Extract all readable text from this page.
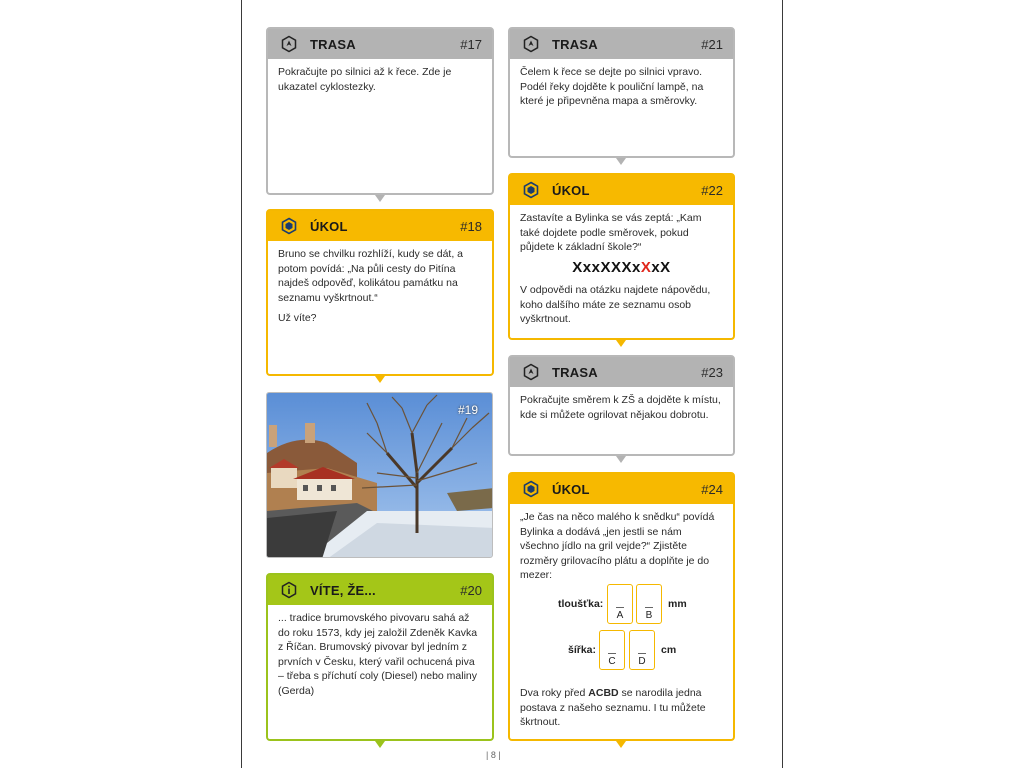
TRASA	#17

Pokračujte po silnici až k řece. Zde je ukazatel cyklostezky.

ÚKOL	#18

Bruno se chvilku rozhlíží, kudy se dát, a potom povídá: „Na půli cesty do Pitína najdeš odpověď, kolikátou památku na seznamu vyškrtnout.“

Už víte?

#19
VÍTE, ŽE...	#20

... tradice brumovského pivovaru sahá až do roku 1573, kdy jej založil Zdeněk Kavka z Říčan. Brumovský pivovar byl jedním z prvních v Česku, který vařil ochucená piva – třeba s příchutí coly (Diesel) nebo maliny (Gerda)

TRASA	#21

Čelem k řece se dejte po silnici vpravo. Podél řeky dojděte k pouliční lampě, na které je připevněna mapa a směrovky.

ÚKOL	#22

Zastavíte a Bylinka se vás zeptá: „Kam také dojdete podle směrovek, pokud půjdete k základní škole?“

XxxXXXxXxX

V odpovědi na otázku najdete nápovědu, koho dalšího máte ze seznamu osob vyškrtnout.

TRASA	#23

Pokračujte směrem k ZŠ a dojděte k místu, kde si můžete ogrilovat nějakou dobrotu.

ÚKOL	#24

„Je čas na něco malého k snědku“ povídá Bylinka a dodává „jen jestli se nám všechno jídlo na gril vejde?“ Zjistěte rozměry grilovacího plátu a doplňte je do mezer:

tloušťka:
A	B
mm
šířka:
C	D
cm

Dva roky před ACBD se narodila jedna postava z našeho seznamu. I tu můžete škrtnout.

| 8 |
